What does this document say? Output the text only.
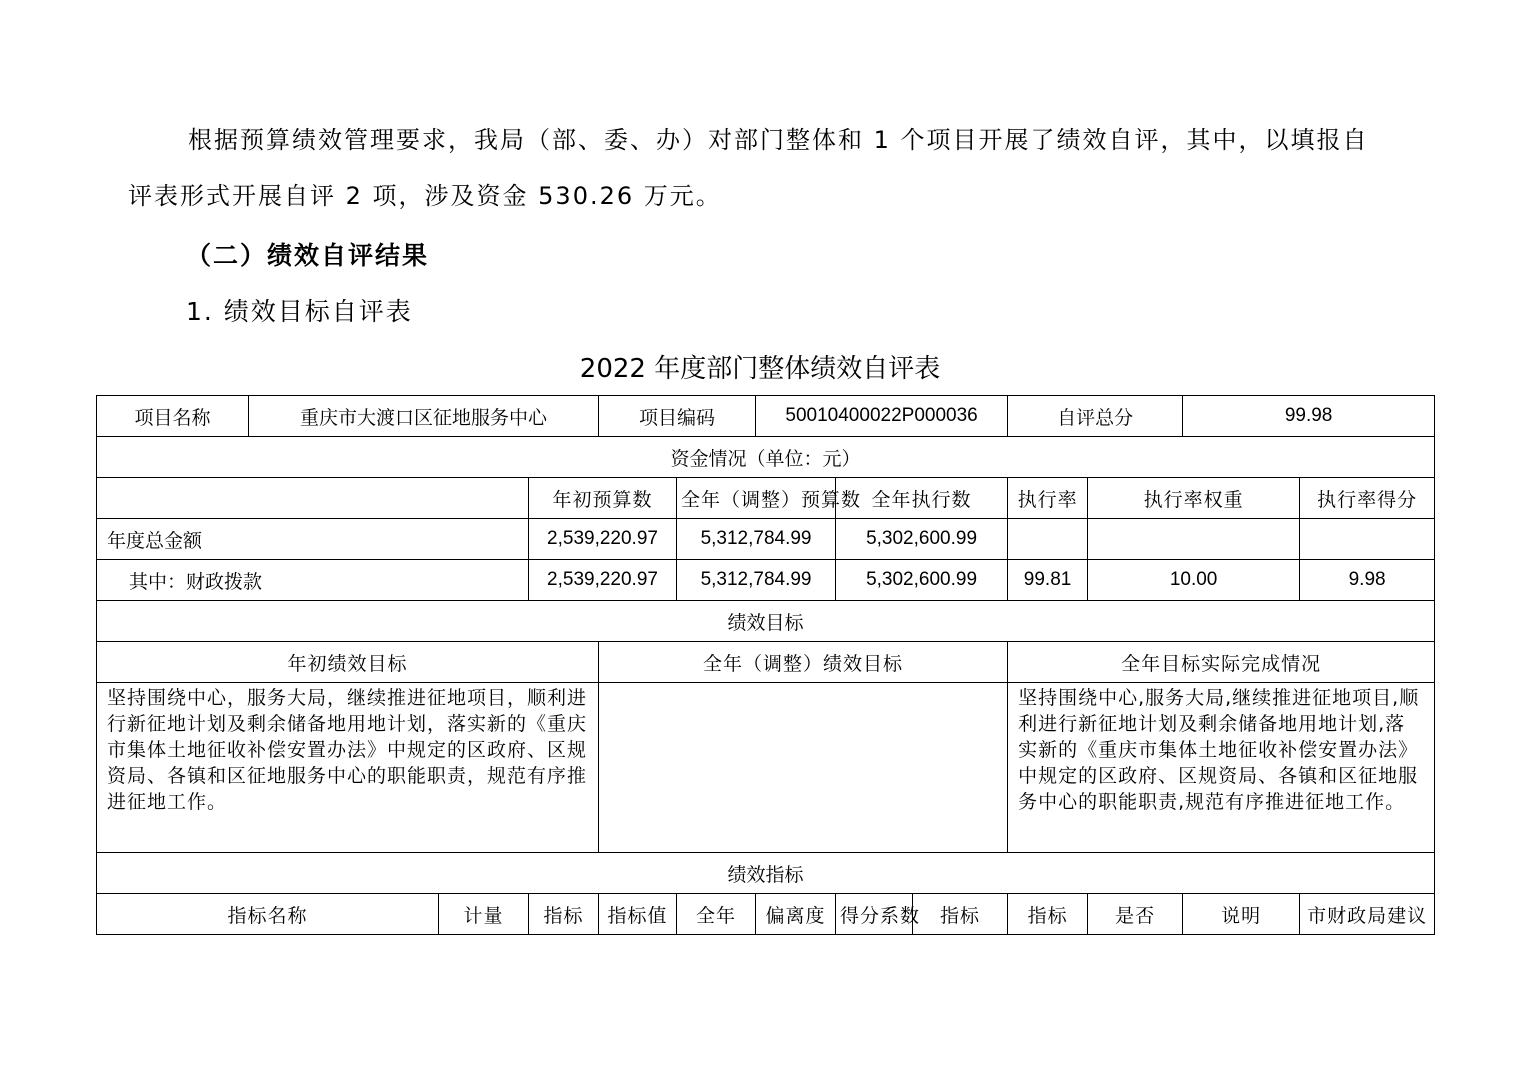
根据预算绩效管理要求，我局（部、委、办）对部门整体和 1 个项目开展了绩效自评，其中，以填报自评表形式开展自评 2 项，涉及资金 530.26 万元。
（二）绩效自评结果
1. 绩效目标自评表
2022 年度部门整体绩效自评表
项目名称	重庆市大渡口区征地服务中心			项目编码		50010400022P000036			自评总分		99.98	
资金情况（单位：元）												
			年初预算数		全年（调整）预算数		全年执行数		执行率	执行率权重		执行率得分
年度总金额			2,539,220.97		5,312,784.99		5,302,600.99					
其中：财政拨款			2,539,220.97		5,312,784.99		5,302,600.99		99.81	10.00		9.98
绩效目标												
年初绩效目标				全年（调整）绩效目标					全年目标实际完成情况			
坚持围绕中心，服务大局，继续推进征地项目，顺利进行新征地计划及剩余储备地用地计划，落实新的《重庆市集体土地征收补偿安置办法》中规定的区政府、区规资局、各镇和区征地服务中心的职能职责，规范有序推进征地工作。									坚持围绕中心,服务大局,继续推进征地项目,顺利进行新征地计划及剩余储备地用地计划,落实新的《重庆市集体土地征收补偿安置办法》中规定的区政府、区规资局、各镇和区征地服务中心的职能职责,规范有序推进征地工作。			
绩效指标												
指标名称		计量	指标	指标值	全年	偏离度	得分系数	指标	指标	是否	说明	市财政局建议
